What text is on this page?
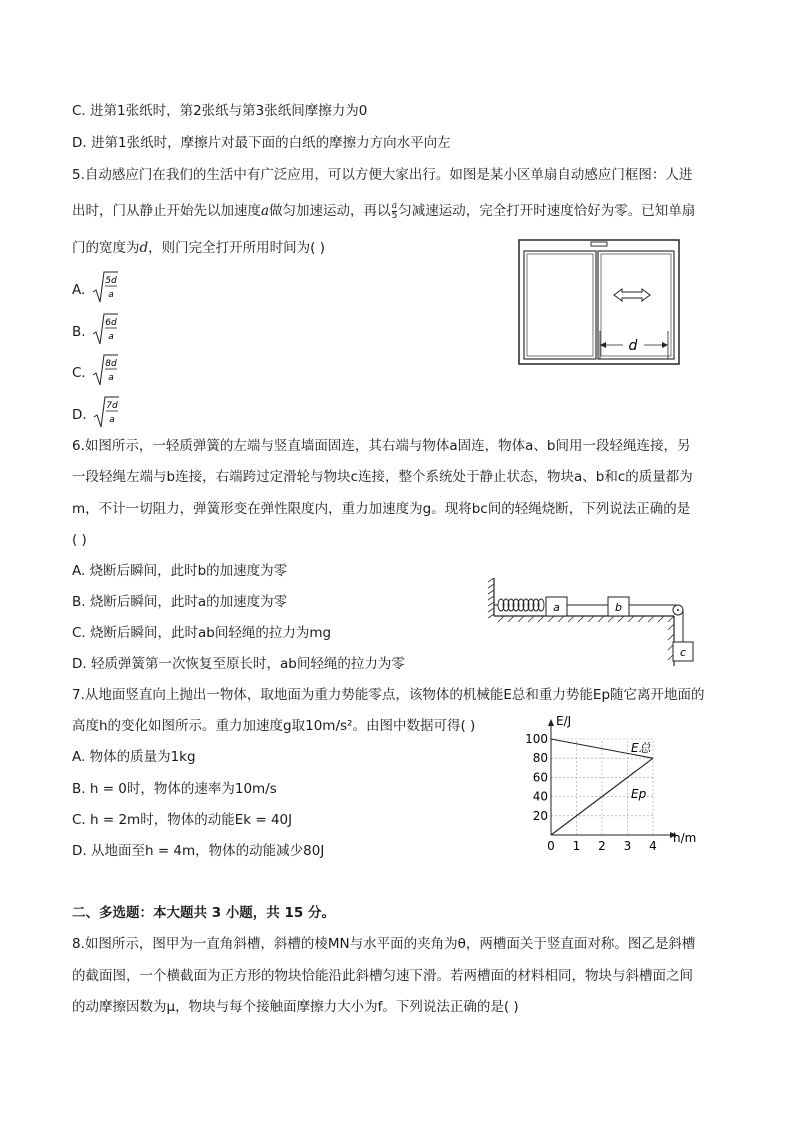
C. 进第1张纸时，第2张纸与第3张纸间摩擦力为0
D. 进第1张纸时，摩擦片对最下面的白纸的摩擦力方向水平向左
5.自动感应门在我们的生活中有广泛应用，可以方便大家出行。如图是某小区单扇自动感应门框图：人进
出时，门从静止开始先以加速度a做匀加速运动，再以 $\frac{a}{5}$ 匀减速运动，完全打开时速度恰好为零。已知单扇
门的宽度为d，则门完全打开所用时间为( )
A.
5d
a
B.
6d
a
C.
8d
a
D.
7d
a
d
6.如图所示，一轻质弹簧的左端与竖直墙面固连，其右端与物体a固连，物体a、b间用一段轻绳连接，另
一段轻绳左端与b连接，右端跨过定滑轮与物块c连接，整个系统处于静止状态，物块a、b和c的质量都为
m，不计一切阻力，弹簧形变在弹性限度内，重力加速度为g。现将bc间的轻绳烧断，下列说法正确的是
( )
A. 烧断后瞬间，此时b的加速度为零
B. 烧断后瞬间，此时a的加速度为零
C. 烧断后瞬间，此时ab间轻绳的拉力为mg
D. 轻质弹簧第一次恢复至原长时，ab间轻绳的拉力为零
a	b
c
7.从地面竖直向上抛出一物体，取地面为重力势能零点，该物体的机械能E总和重力势能Ep随它离开地面的
高度h的变化如图所示。重力加速度g取10m/s²。由图中数据可得( )
A. 物体的质量为1kg
B. h = 0时，物体的速率为10m/s
C. h = 2m时，物体的动能Ek = 40J
D. 从地面至h = 4m，物体的动能减少80J	0 1 2 3 4
20
40
60
80
100
E/J
h/m
E总
Ep
二、多选题：本大题共 3 小题，共 15 分。
8.如图所示，图甲为一直角斜槽，斜槽的棱MN与水平面的夹角为θ，两槽面关于竖直面对称。图乙是斜槽
的截面图，一个横截面为正方形的物块恰能沿此斜槽匀速下滑。若两槽面的材料相同，物块与斜槽面之间
的动摩擦因数为μ，物块与每个接触面摩擦力大小为f。下列说法正确的是( )
